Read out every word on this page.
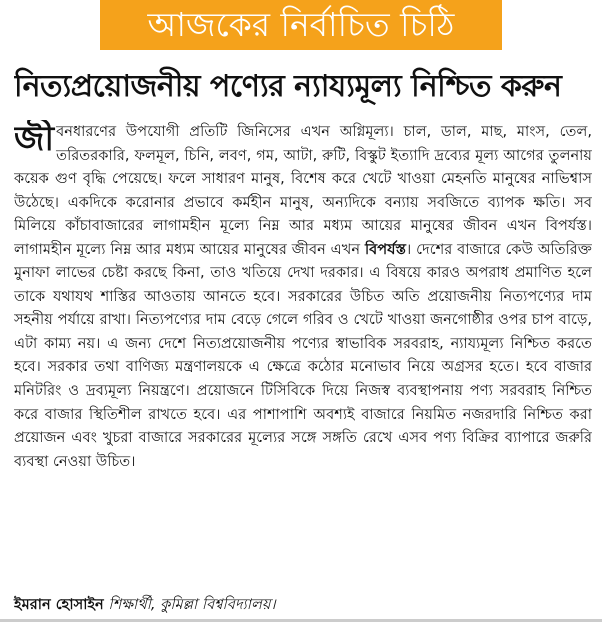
আজকের নির্বাচিত চিঠি
নিত্যপ্রয়োজনীয় পণ্যের ন্যায্যমূল্য নিশ্চিত করুন
জীবনধারণের উপযোগী প্রতিটি জিনিসের এখন অগ্নিমূল্য। চাল, ডাল, মাছ, মাংস, তেল, তরিতরকারি, ফলমূল, চিনি, লবণ, গম, আটা, রুটি, বিস্কুট ইত্যাদি দ্রব্যের মূল্য আগের তুলনায় কয়েক গুণ বৃদ্ধি পেয়েছে। ফলে সাধারণ মানুষ, বিশেষ করে খেটে খাওয়া মেহনতি মানুষের নাভিশ্বাস উঠেছে। একদিকে করোনার প্রভাবে কর্মহীন মানুষ, অন্যদিকে বন্যায় সবজিতে ব্যাপক ক্ষতি। সব মিলিয়ে কাঁচাবাজারের লাগামহীন মূল্যে নিম্ন আর মধ্যম আয়ের মানুষের জীবন এখন বিপর্যস্ত। লাগামহীন মূল্যে নিম্ন আর মধ্যম আয়ের মানুষের জীবন এখন বিপর্যস্ত। দেশের বাজারে কেউ অতিরিক্ত মুনাফা লাভের চেষ্টা করছে কিনা, তাও খতিয়ে দেখা দরকার। এ বিষয়ে কারও অপরাধ প্রমাণিত হলে তাকে যথাযথ শাস্তির আওতায় আনতে হবে। সরকারের উচিত অতি প্রয়োজনীয় নিত্যপণ্যের দাম সহনীয় পর্যায়ে রাখা। নিত্যপণ্যের দাম বেড়ে গেলে গরিব ও খেটে খাওয়া জনগোষ্ঠীর ওপর চাপ বাড়ে, এটা কাম্য নয়। এ জন্য দেশে নিত্যপ্রয়োজনীয় পণ্যের স্বাভাবিক সরবরাহ, ন্যায্যমূল্য নিশ্চিত করতে হবে। সরকার তথা বাণিজ্য মন্ত্রণালয়কে এ ক্ষেত্রে কঠোর মনোভাব নিয়ে অগ্রসর হতে। হবে বাজার মনিটরিং ও দ্রব্যমূল্য নিয়ন্ত্রণে। প্রয়োজনে টিসিবিকে দিয়ে নিজস্ব ব্যবস্থাপনায় পণ্য সরবরাহ নিশ্চিত করে বাজার স্থিতিশীল রাখতে হবে। এর পাশাপাশি অবশ্যই বাজারে নিয়মিত নজরদারি নিশ্চিত করা প্রয়োজন এবং খুচরা বাজারে সরকারের মূল্যের সঙ্গে সঙ্গতি রেখে এসব পণ্য বিক্রির ব্যাপারে জরুরি ব্যবস্থা নেওয়া উচিত।
ইমরান হোসাইন শিক্ষার্থী, কুমিল্লা বিশ্ববিদ্যালয়।
